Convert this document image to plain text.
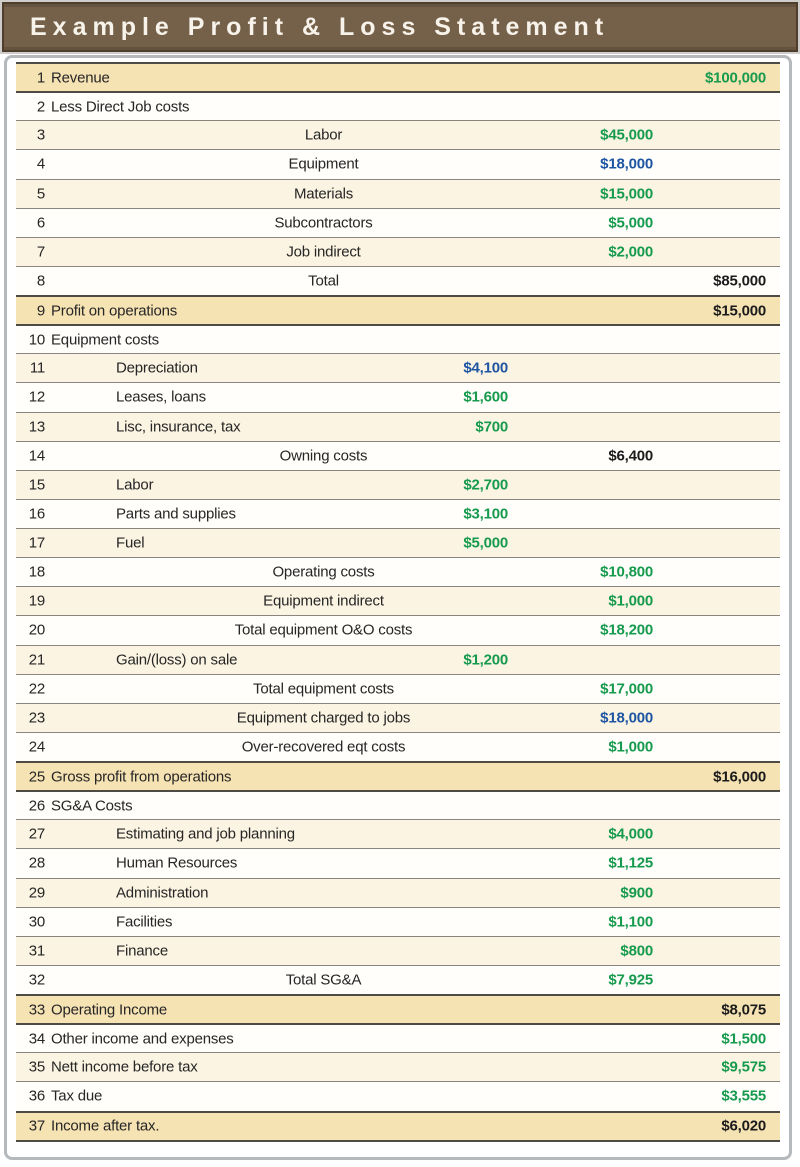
Example Profit & Loss Statement
1 Revenue	$100,000
2 Less Direct Job costs
3	Labor	$45,000
4	Equipment	$18,000
5	Materials	$15,000
6	Subcontractors	$5,000
7	Job indirect	$2,000
8	Total	$85,000
9 Profit on operations	$15,000
10 Equipment costs
11	Depreciation	$4,100
12	Leases, loans	$1,600
13	Lisc, insurance, tax	$700
14	Owning costs	$6,400
15	Labor	$2,700
16	Parts and supplies	$3,100
17	Fuel	$5,000
18	Operating costs	$10,800
19	Equipment indirect	$1,000
20	Total equipment O&O costs	$18,200
21	Gain/(loss) on sale	$1,200
22	Total equipment costs	$17,000
23	Equipment charged to jobs	$18,000
24	Over-recovered eqt costs	$1,000
25 Gross profit from operations	$16,000
26 SG&A Costs
27	Estimating and job planning	$4,000
28	Human Resources	$1,125
29	Administration	$900
30	Facilities	$1,100
31	Finance	$800
32	Total SG&A	$7,925
33 Operating Income	$8,075
34 Other income and expenses	$1,500
35 Nett income before tax	$9,575
36 Tax due	$3,555
37 Income after tax.	$6,020
